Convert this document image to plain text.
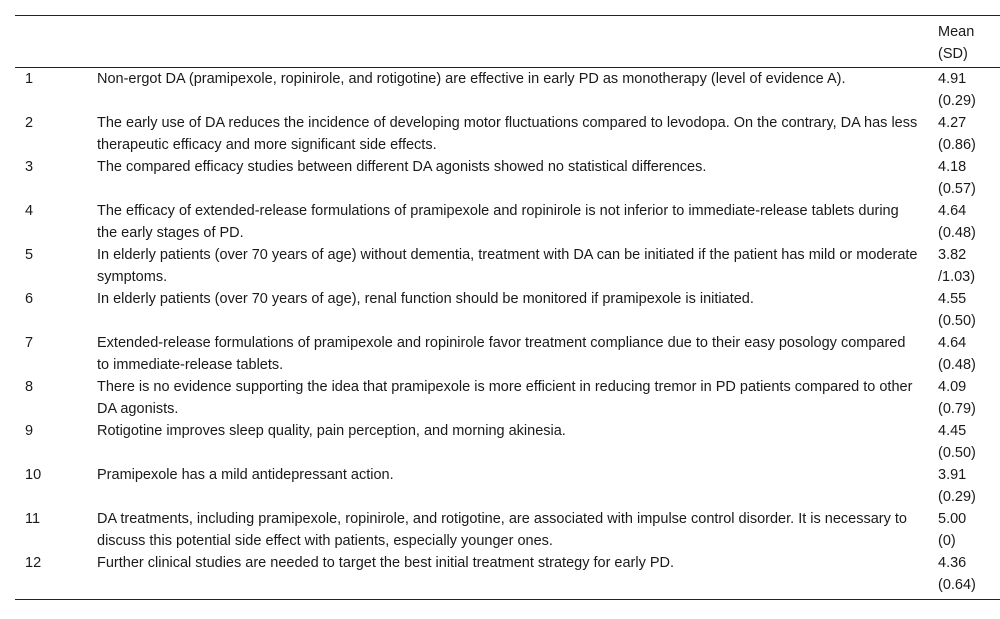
		Mean
(SD)

1	Non-ergot DA (pramipexole, ropinirole, and rotigotine) are effective in early PD as monotherapy (level of evidence A).	4.91
(0.29)

2	The early use of DA reduces the incidence of developing motor fluctuations compared to levodopa. On the contrary, DA has less therapeutic efficacy and more significant side effects.	4.27
(0.86)

3	The compared efficacy studies between different DA agonists showed no statistical differences.	4.18
(0.57)

4	The efficacy of extended-release formulations of pramipexole and ropinirole is not inferior to immediate-release tablets during the early stages of PD.	4.64
(0.48)

5	In elderly patients (over 70 years of age) without dementia, treatment with DA can be initiated if the patient has mild or moderate symptoms.	3.82
/1.03)

6	In elderly patients (over 70 years of age), renal function should be monitored if pramipexole is initiated.	4.55
(0.50)

7	Extended-release formulations of pramipexole and ropinirole favor treatment compliance due to their easy posology compared to immediate-release tablets.	4.64
(0.48)

8	There is no evidence supporting the idea that pramipexole is more efficient in reducing tremor in PD patients compared to other DA agonists.	4.09
(0.79)

9	Rotigotine improves sleep quality, pain perception, and morning akinesia.	4.45
(0.50)

10	Pramipexole has a mild antidepressant action.	3.91
(0.29)

11	DA treatments, including pramipexole, ropinirole, and rotigotine, are associated with impulse control disorder. It is necessary to discuss this potential side effect with patients, especially younger ones.	5.00
(0)

12	Further clinical studies are needed to target the best initial treatment strategy for early PD.	4.36
(0.64)
